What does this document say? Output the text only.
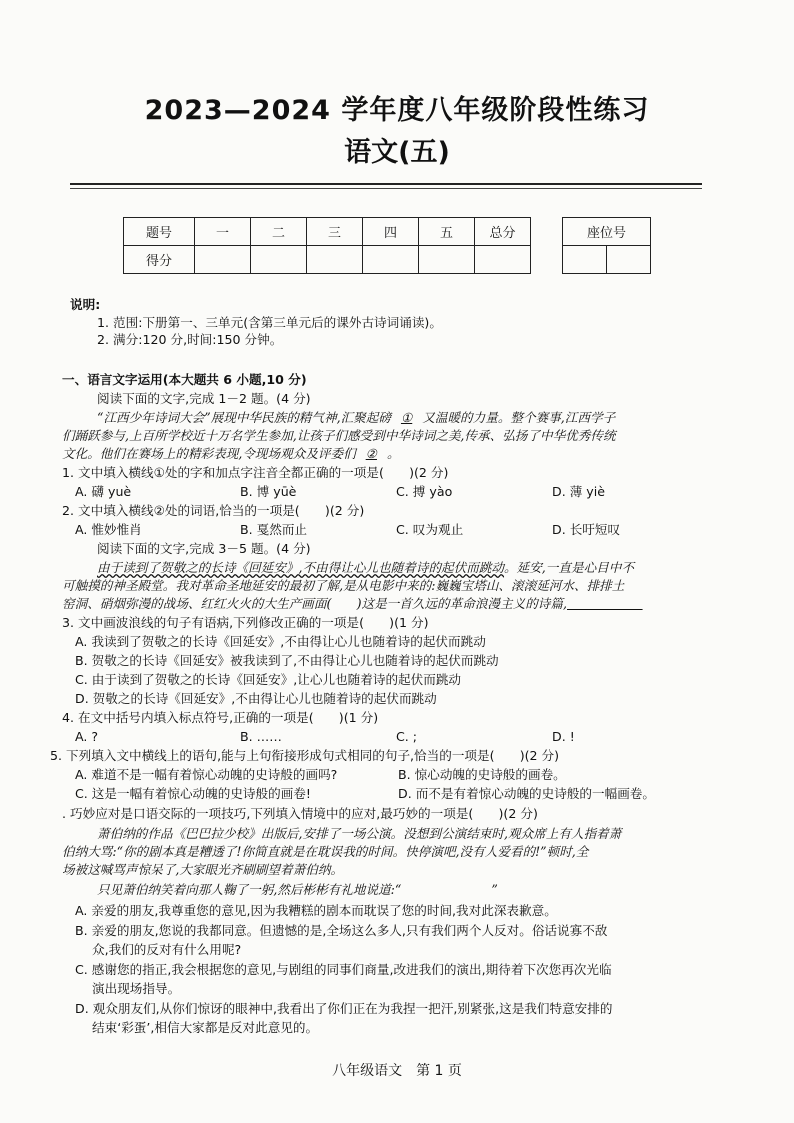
2023—2024 学年度八年级阶段性练习
语文(五)
题号	一	二	三	四	五	总分
得分						
座位号

说明:
1. 范围:下册第一、三单元(含第三单元后的课外古诗词诵读)。
2. 满分:120 分,时间:150 分钟。
一、语言文字运用(本大题共 6 小题,10 分)
阅读下面的文字,完成 1－2 题。(4 分)
“江西少年诗词大会”展现中华民族的精气神,汇聚起磅 ① 又温暖的力量。整个赛事,江西学子
们踊跃参与,上百所学校近十万名学生参加,让孩子们感受到中华诗词之美,传承、弘扬了中华优秀传统
文化。他们在赛场上的精彩表现,令现场观众及评委们 ② 。
1. 文中填入横线①处的字和加点字注音全都正确的一项是(　　)(2 分)
A. 礴 yuè	B. 博 yūè	C. 搏 yào	D. 薄 yiè
2. 文中填入横线②处的词语,恰当的一项是(　　)(2 分)
A. 惟妙惟肖	B. 戛然而止	C. 叹为观止	D. 长吁短叹
阅读下面的文字,完成 3－5 题。(4 分)
由于读到了贺敬之的长诗《回延安》,不由得让心儿也随着诗的起伏而跳动。延安,一直是心目中不
可触摸的神圣殿堂。我对革命圣地延安的最初了解,是从电影中来的:巍巍宝塔山、滚滚延河水、排排土
窑洞、硝烟弥漫的战场、红红火火的大生产画面(　　)这是一首久远的革命浪漫主义的诗篇,　　　　　　
3. 文中画波浪线的句子有语病,下列修改正确的一项是(　　)(1 分)
A. 我读到了贺敬之的长诗《回延安》,不由得让心儿也随着诗的起伏而跳动
B. 贺敬之的长诗《回延安》被我读到了,不由得让心儿也随着诗的起伏而跳动
C. 由于读到了贺敬之的长诗《回延安》,让心儿也随着诗的起伏而跳动
D. 贺敬之的长诗《回延安》,不由得让心儿也随着诗的起伏而跳动
4. 在文中括号内填入标点符号,正确的一项是(　　)(1 分)
A. ?	B. ……	C. ;	D. !
5. 下列填入文中横线上的语句,能与上句衔接形成句式相同的句子,恰当的一项是(　　)(2 分)
A. 难道不是一幅有着惊心动魄的史诗般的画吗?	B. 惊心动魄的史诗般的画卷。
C. 这是一幅有着惊心动魄的史诗般的画卷!	D. 而不是有着惊心动魄的史诗般的一幅画卷。
. 巧妙应对是口语交际的一项技巧,下列填入情境中的应对,最巧妙的一项是(　　)(2 分)
萧伯纳的作品《巴巴拉少校》出版后,安排了一场公演。没想到公演结束时,观众席上有人指着萧
伯纳大骂:“你的剧本真是糟透了!你简直就是在耽误我的时间。快停演吧,没有人爱看的!”顿时,全
场被这喊骂声惊呆了,大家眼光齐刷刷望着萧伯纳。
只见萧伯纳笑着向那人鞠了一躬,然后彬彬有礼地说道:“	”
A. 亲爱的朋友,我尊重您的意见,因为我糟糕的剧本而耽误了您的时间,我对此深表歉意。
B. 亲爱的朋友,您说的我都同意。但遗憾的是,全场这么多人,只有我们两个人反对。俗话说寡不敌
众,我们的反对有什么用呢?
C. 感谢您的指正,我会根据您的意见,与剧组的同事们商量,改进我们的演出,期待着下次您再次光临
演出现场指导。
D. 观众朋友们,从你们惊讶的眼神中,我看出了你们正在为我捏一把汗,别紧张,这是我们特意安排的
结束‘彩蛋’,相信大家都是反对此意见的。
八年级语文　第 1 页
